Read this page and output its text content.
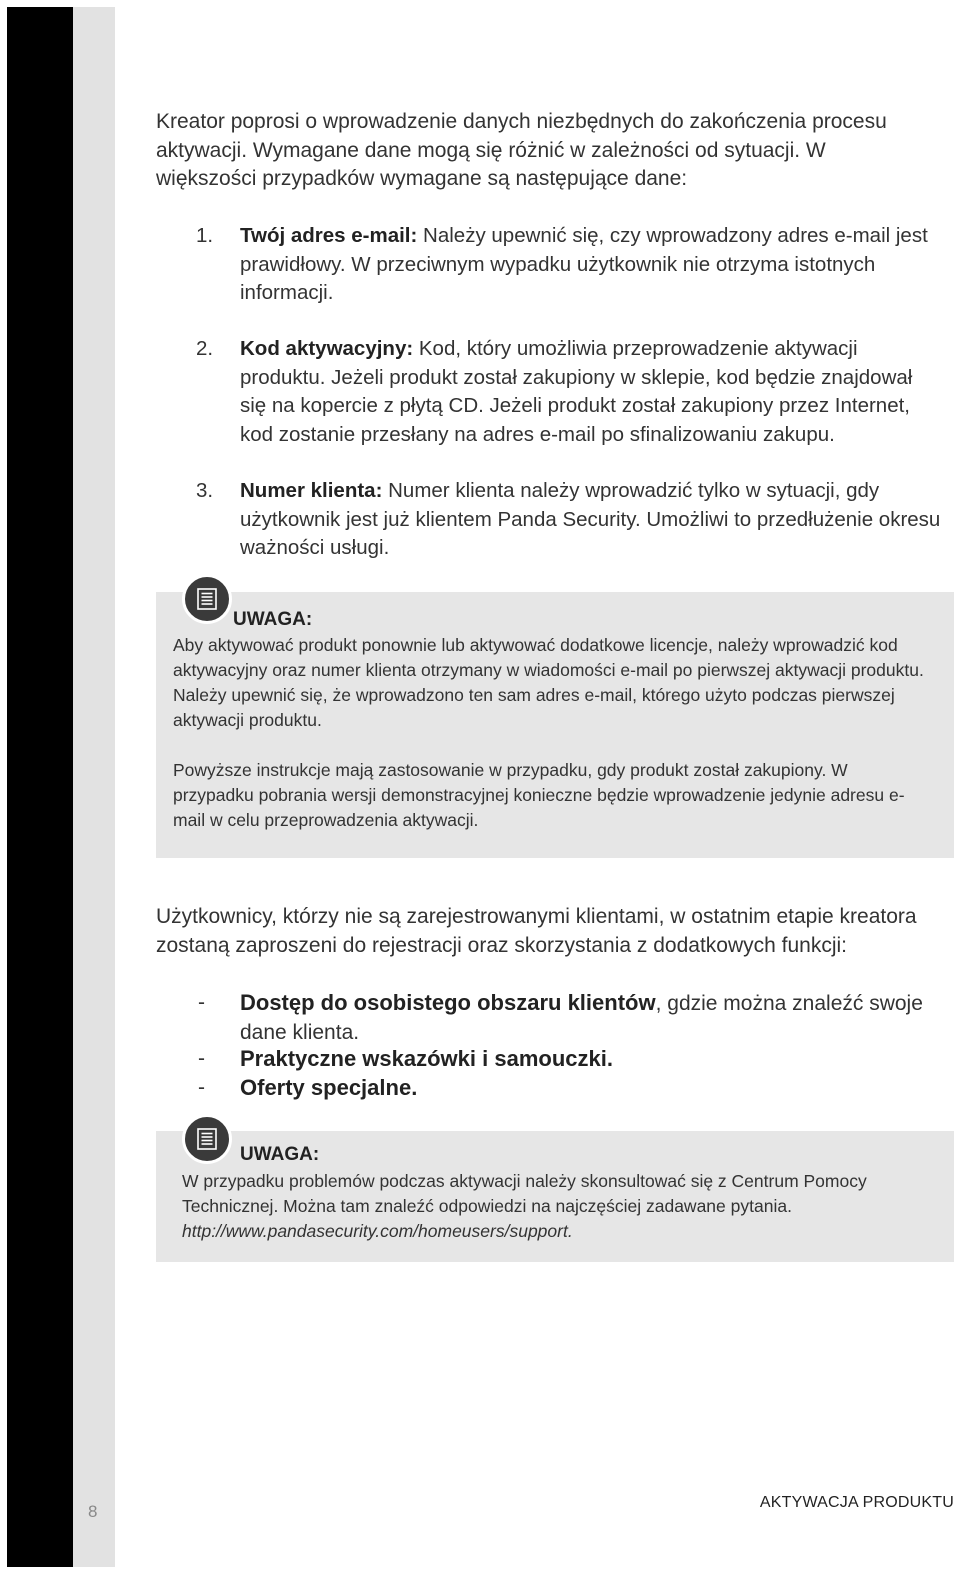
Kreator poprosi o wprowadzenie danych niezbędnych do zakończenia procesu aktywacji. Wymagane dane mogą się różnić w zależności od sytuacji. W większości przypadków wymagane są następujące dane:

1.	Twój adres e-mail: Należy upewnić się, czy wprowadzony adres e-mail jest prawidłowy. W przeciwnym wypadku użytkownik nie otrzyma istotnych informacji.
2.	Kod aktywacyjny: Kod, który umożliwia przeprowadzenie aktywacji produktu. Jeżeli produkt został zakupiony w sklepie, kod będzie znajdował się na kopercie z płytą CD. Jeżeli produkt został zakupiony przez Internet, kod zostanie przesłany na adres e-mail po sfinalizowaniu zakupu.
3.	Numer klienta: Numer klienta należy wprowadzić tylko w sytuacji, gdy użytkownik jest już klientem Panda Security. Umożliwi to przedłużenie okresu ważności usługi.
UWAGA:
Aby aktywować produkt ponownie lub aktywować dodatkowe licencje, należy wprowadzić kod aktywacyjny oraz numer klienta otrzymany w wiadomości e-mail po pierwszej aktywacji produktu. Należy upewnić się, że wprowadzono ten sam adres e-mail, którego użyto podczas pierwszej aktywacji produktu.
Powyższe instrukcje mają zastosowanie w przypadku, gdy produkt został zakupiony. W przypadku pobrania wersji demonstracyjnej konieczne będzie wprowadzenie jedynie adresu e-mail w celu przeprowadzenia aktywacji.

Użytkownicy, którzy nie są zarejestrowanymi klientami, w ostatnim etapie kreatora zostaną zaproszeni do rejestracji oraz skorzystania z dodatkowych funkcji:

- Dostęp do osobistego obszaru klientów, gdzie można znaleźć swoje dane klienta.
- Praktyczne wskazówki i samouczki.
- Oferty specjalne.
UWAGA:
W przypadku problemów podczas aktywacji należy skonsultować się z Centrum Pomocy Technicznej. Można tam znaleźć odpowiedzi na najczęściej zadawane pytania.
http://www.pandasecurity.com/homeusers/support.
8	AKTYWACJA PRODUKTU
